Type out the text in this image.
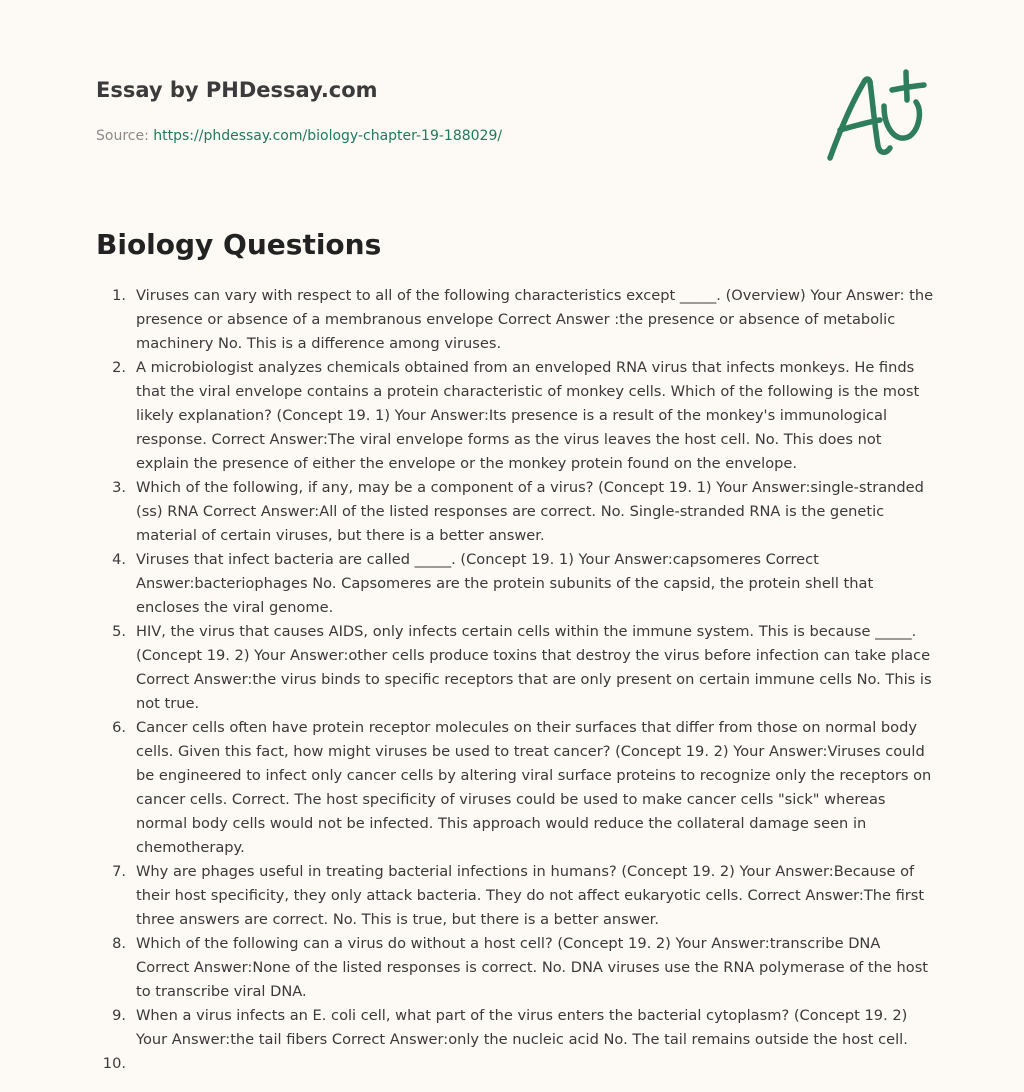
Essay by PHDessay.com

Source: https://phdessay.com/biology-chapter-19-188029/
Biology Questions
1. Viruses can vary with respect to all of the following characteristics except _____. (Overview) Your Answer: the presence or absence of a membranous envelope Correct Answer :the presence or absence of metabolic machinery No. This is a difference among viruses.
2. A microbiologist analyzes chemicals obtained from an enveloped RNA virus that infects monkeys. He finds that the viral envelope contains a protein characteristic of monkey cells. Which of the following is the most likely explanation? (Concept 19. 1) Your Answer:Its presence is a result of the monkey's immunological response. Correct Answer:The viral envelope forms as the virus leaves the host cell. No. This does not explain the presence of either the envelope or the monkey protein found on the envelope.
3. Which of the following, if any, may be a component of a virus? (Concept 19. 1) Your Answer:single-stranded (ss) RNA Correct Answer:All of the listed responses are correct. No. Single-stranded RNA is the genetic material of certain viruses, but there is a better answer.
4. Viruses that infect bacteria are called _____. (Concept 19. 1) Your Answer:capsomeres Correct Answer:bacteriophages No. Capsomeres are the protein subunits of the capsid, the protein shell that encloses the viral genome.
5. HIV, the virus that causes AIDS, only infects certain cells within the immune system. This is because _____. (Concept 19. 2) Your Answer:other cells produce toxins that destroy the virus before infection can take place Correct Answer:the virus binds to specific receptors that are only present on certain immune cells No. This is not true.
6. Cancer cells often have protein receptor molecules on their surfaces that differ from those on normal body cells. Given this fact, how might viruses be used to treat cancer? (Concept 19. 2) Your Answer:Viruses could be engineered to infect only cancer cells by altering viral surface proteins to recognize only the receptors on cancer cells. Correct. The host specificity of viruses could be used to make cancer cells "sick" whereas normal body cells would not be infected. This approach would reduce the collateral damage seen in chemotherapy.
7. Why are phages useful in treating bacterial infections in humans? (Concept 19. 2) Your Answer:Because of their host specificity, they only attack bacteria. They do not affect eukaryotic cells. Correct Answer:The first three answers are correct. No. This is true, but there is a better answer.
8. Which of the following can a virus do without a host cell? (Concept 19. 2) Your Answer:transcribe DNA Correct Answer:None of the listed responses is correct. No. DNA viruses use the RNA polymerase of the host to transcribe viral DNA.
9. When a virus infects an E. coli cell, what part of the virus enters the bacterial cytoplasm? (Concept 19. 2) Your Answer:the tail fibers Correct Answer:only the nucleic acid No. The tail remains outside the host cell.
10.
